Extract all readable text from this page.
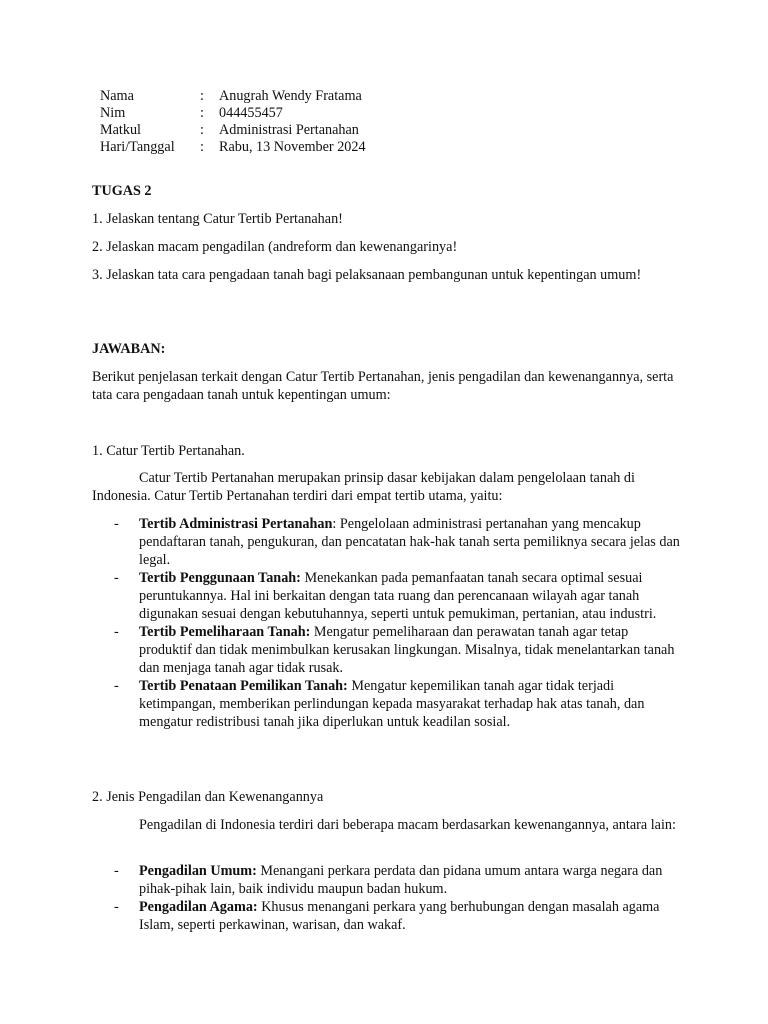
Nama	: Anugrah Wendy Fratama
Nim	: 044455457
Matkul	: Administrasi Pertanahan
Hari/Tanggal : Rabu, 13 November 2024
TUGAS 2
1. Jelaskan tentang Catur Tertib Pertanahan!
2. Jelaskan macam pengadilan (andreform dan kewenangarinya!
3. Jelaskan tata cara pengadaan tanah bagi pelaksanaan pembangunan untuk kepentingan umum!
JAWABAN:
Berikut penjelasan terkait dengan Catur Tertib Pertanahan, jenis pengadilan dan kewenangannya, serta tata cara pengadaan tanah untuk kepentingan umum:
1. Catur Tertib Pertanahan.
Catur Tertib Pertanahan merupakan prinsip dasar kebijakan dalam pengelolaan tanah di Indonesia. Catur Tertib Pertanahan terdiri dari empat tertib utama, yaitu:
- Tertib Administrasi Pertanahan: Pengelolaan administrasi pertanahan yang mencakup pendaftaran tanah, pengukuran, dan pencatatan hak-hak tanah serta pemiliknya secara jelas dan legal.
- Tertib Penggunaan Tanah: Menekankan pada pemanfaatan tanah secara optimal sesuai peruntukannya. Hal ini berkaitan dengan tata ruang dan perencanaan wilayah agar tanah digunakan sesuai dengan kebutuhannya, seperti untuk pemukiman, pertanian, atau industri.
- Tertib Pemeliharaan Tanah: Mengatur pemeliharaan dan perawatan tanah agar tetap produktif dan tidak menimbulkan kerusakan lingkungan. Misalnya, tidak menelantarkan tanah dan menjaga tanah agar tidak rusak.
- Tertib Penataan Pemilikan Tanah: Mengatur kepemilikan tanah agar tidak terjadi ketimpangan, memberikan perlindungan kepada masyarakat terhadap hak atas tanah, dan mengatur redistribusi tanah jika diperlukan untuk keadilan sosial.
2. Jenis Pengadilan dan Kewenangannya
Pengadilan di Indonesia terdiri dari beberapa macam berdasarkan kewenangannya, antara lain:
- Pengadilan Umum: Menangani perkara perdata dan pidana umum antara warga negara dan pihak-pihak lain, baik individu maupun badan hukum.
- Pengadilan Agama: Khusus menangani perkara yang berhubungan dengan masalah agama Islam, seperti perkawinan, warisan, dan wakaf.
